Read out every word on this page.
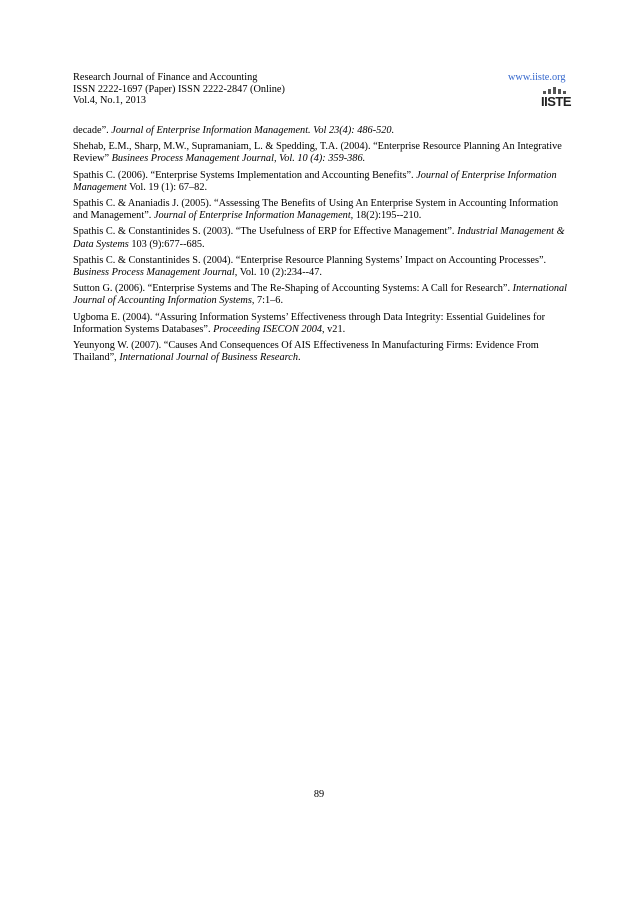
Research Journal of Finance and Accounting
ISSN 2222-1697 (Paper) ISSN 2222-2847 (Online)
Vol.4, No.1, 2013
www.iiste.org
IISTE

decade”. Journal of Enterprise Information Management. Vol 23(4): 486-520.

Shehab, E.M., Sharp, M.W., Supramaniam, L. & Spedding, T.A. (2004). “Enterprise Resource Planning An Integrative Review” Businees Process Management Journal, Vol. 10 (4): 359-386.

Spathis C. (2006). “Enterprise Systems Implementation and Accounting Benefits”. Journal of Enterprise Information Management Vol. 19 (1): 67–82.

Spathis C. & Ananiadis J. (2005). “Assessing The Benefits of Using An Enterprise System in Accounting Information and Management”. Journal of Enterprise Information Management, 18(2):195--210.

Spathis C. & Constantinides S. (2003). “The Usefulness of ERP for Effective Management”. Industrial Management & Data Systems 103 (9):677--685.

Spathis C. & Constantinides S. (2004). “Enterprise Resource Planning Systems’ Impact on Accounting Processes”. Business Process Management Journal, Vol. 10 (2):234--47.

Sutton G. (2006). “Enterprise Systems and The Re-Shaping of Accounting Systems: A Call for Research”. International Journal of Accounting Information Systems, 7:1–6.

Ugboma E. (2004). “Assuring Information Systems’ Effectiveness through Data Integrity: Essential Guidelines for Information Systems Databases”. Proceeding ISECON 2004, v21.

Yeunyong W. (2007). “Causes And Consequences Of AIS Effectiveness In Manufacturing Firms: Evidence From Thailand”, International Journal of Business Research.

89
